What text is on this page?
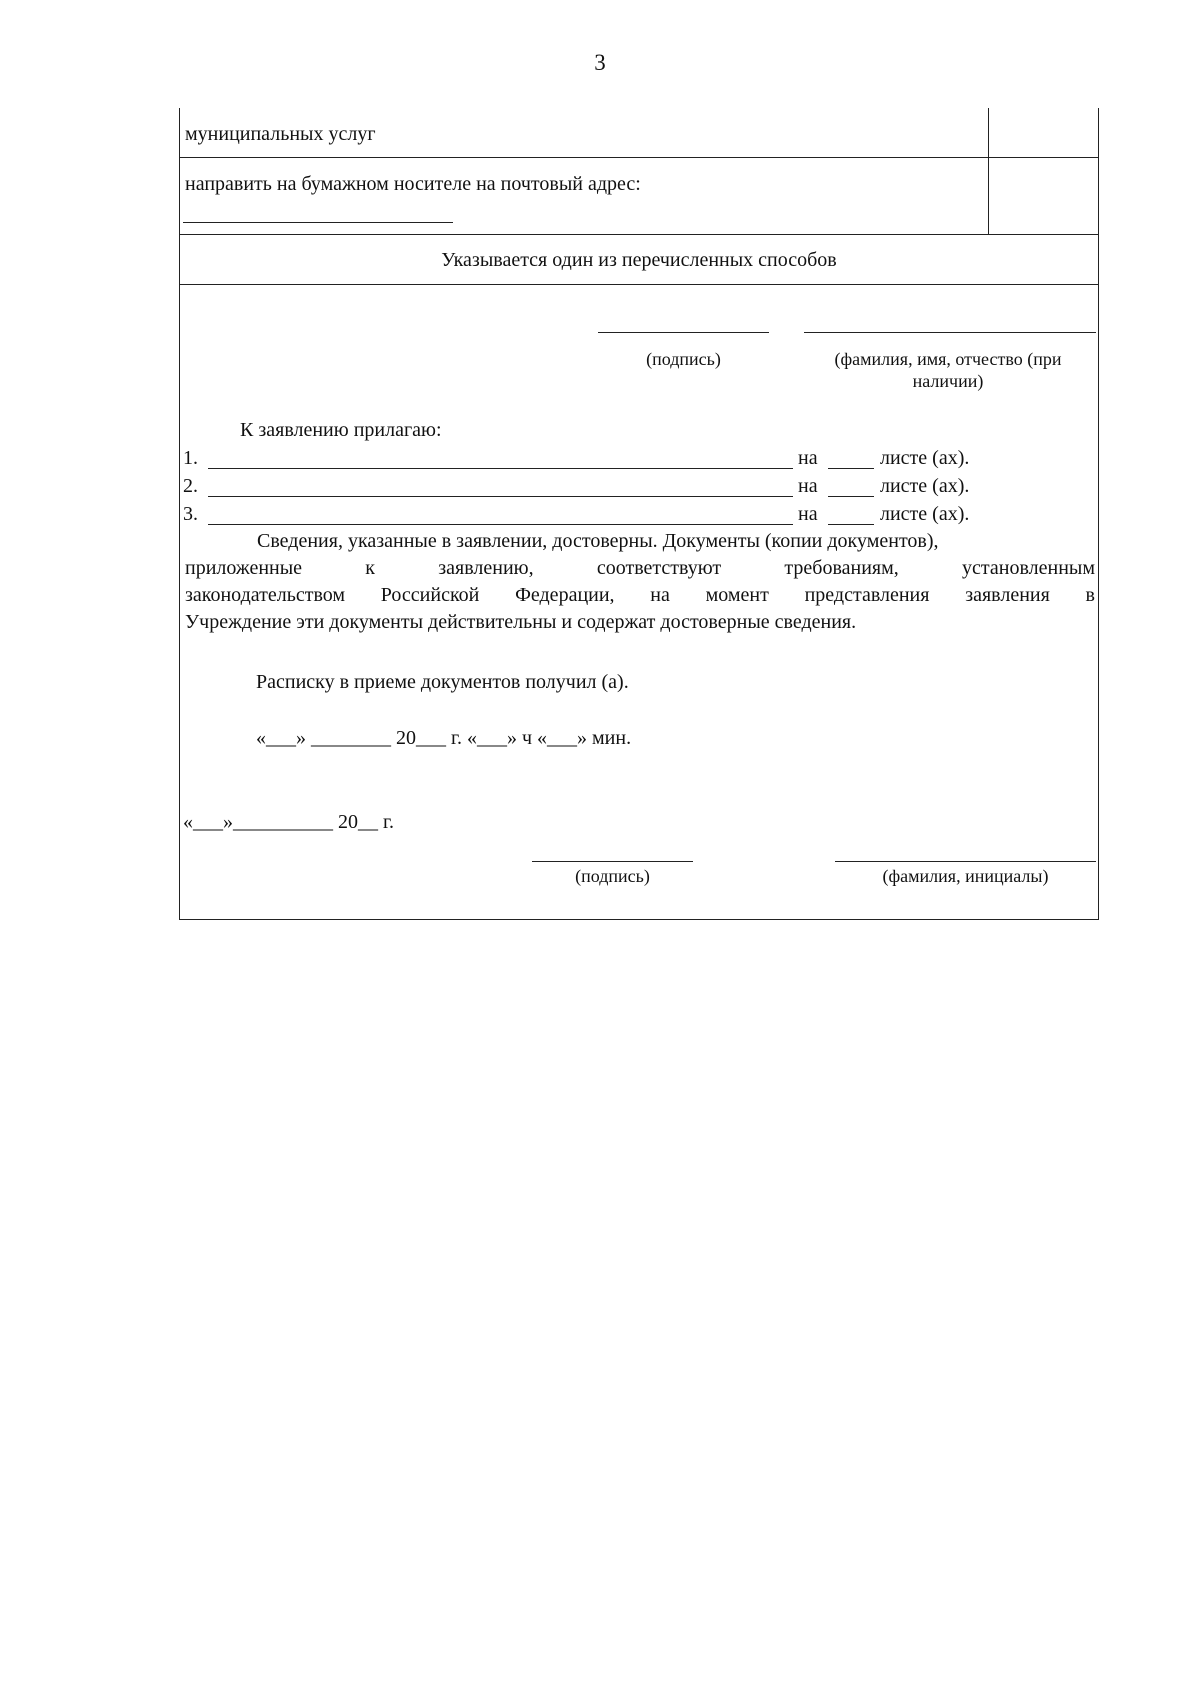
3
муниципальных услуг
направить на бумажном носителе на почтовый адрес:
Указывается один из перечисленных способов
(подпись)	(фамилия, имя, отчество (при
наличии)
К заявлению прилагаю:
1.	на	листе (ах).
2.	на	листе (ах).
3.	на	листе (ах).

Сведения, указанные в заявлении, достоверны. Документы (копии документов),

приложенные к заявлению, соответствуют требованиям, установленным

законодательством Российской Федерации, на момент представления заявления в

Учреждение эти документы действительны и содержат достоверные сведения.

Расписку в приеме документов получил (а).
«___» ________ 20___ г. «___» ч «___» мин.
«___»__________ 20__ г.
(подпись)	(фамилия, инициалы)
